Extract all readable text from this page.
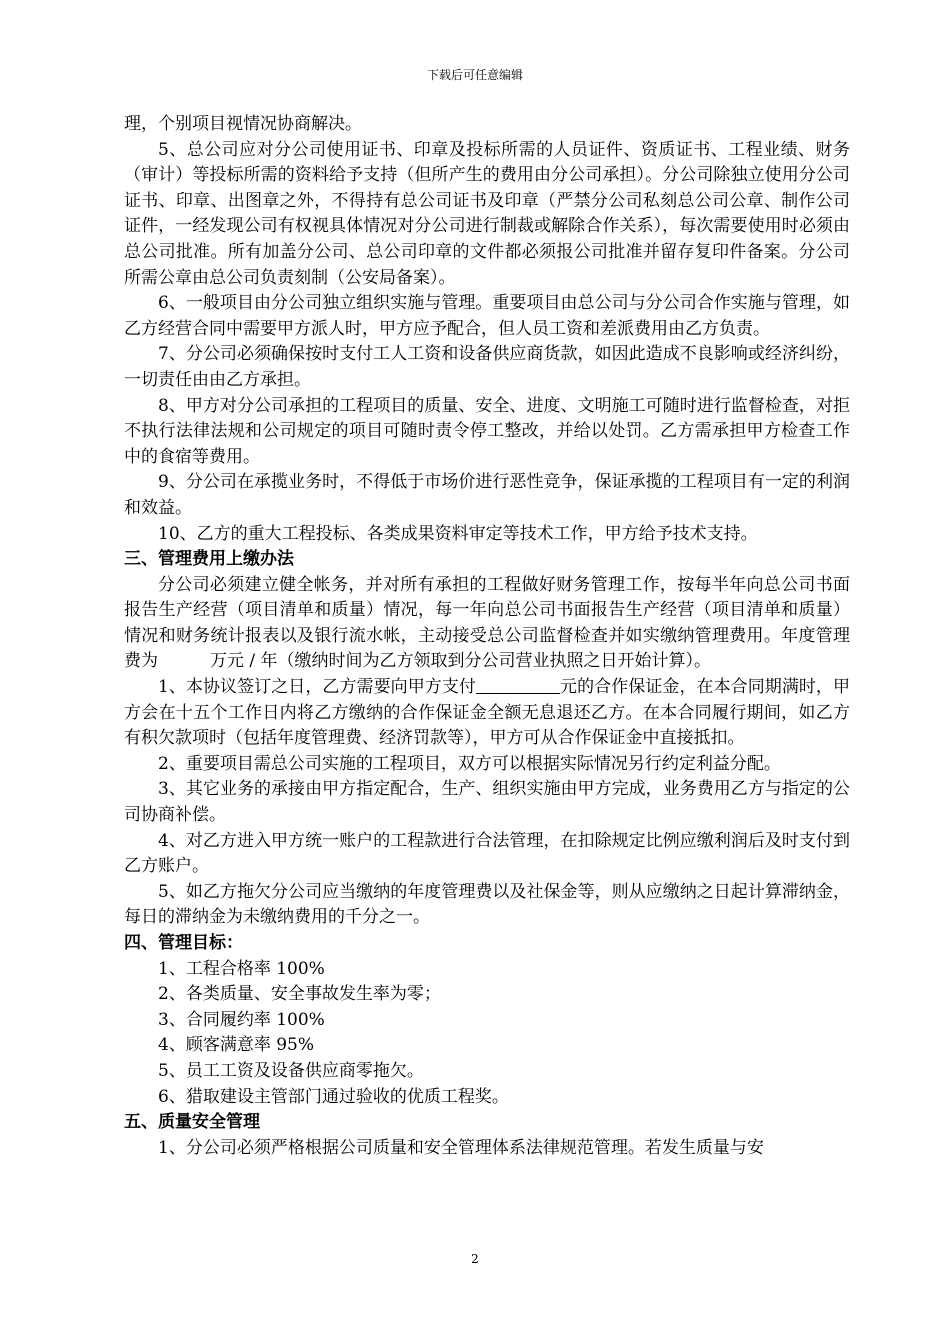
下载后可任意编辑

理，个别项目视情况协商解决。

5、总公司应对分公司使用证书、印章及投标所需的人员证件、资质证书、工程业绩、财务（审计）等投标所需的资料给予支持（但所产生的费用由分公司承担）。分公司除独立使用分公司证书、印章、出图章之外，不得持有总公司证书及印章（严禁分公司私刻总公司公章、制作公司证件，一经发现公司有权视具体情况对分公司进行制裁或解除合作关系），每次需要使用时必须由总公司批准。所有加盖分公司、总公司印章的文件都必须报公司批准并留存复印件备案。分公司所需公章由总公司负责刻制（公安局备案）。

6、一般项目由分公司独立组织实施与管理。重要项目由总公司与分公司合作实施与管理，如乙方经营合同中需要甲方派人时，甲方应予配合，但人员工资和差派费用由乙方负责。

7、分公司必须确保按时支付工人工资和设备供应商货款，如因此造成不良影响或经济纠纷，一切责任由由乙方承担。

8、甲方对分公司承担的工程项目的质量、安全、进度、文明施工可随时进行监督检查，对拒不执行法律法规和公司规定的项目可随时责令停工整改，并给以处罚。乙方需承担甲方检查工作中的食宿等费用。

9、分公司在承揽业务时，不得低于市场价进行恶性竞争，保证承揽的工程项目有一定的利润和效益。

10、乙方的重大工程投标、各类成果资料审定等技术工作，甲方给予技术支持。

三、管理费用上缴办法

分公司必须建立健全帐务，并对所有承担的工程做好财务管理工作，按每半年向总公司书面报告生产经营（项目清单和质量）情况，每一年向总公司书面报告生产经营（项目清单和质量）情况和财务统计报表以及银行流水帐，主动接受总公司监督检查并如实缴纳管理费用。年度管理费为	万元 / 年（缴纳时间为乙方领取到分公司营业执照之日开始计算）。

1、本协议签订之日，乙方需要向甲方支付	元的合作保证金，在本合同期满时，甲方会在十五个工作日内将乙方缴纳的合作保证金全额无息退还乙方。在本合同履行期间，如乙方有积欠款项时（包括年度管理费、经济罚款等），甲方可从合作保证金中直接抵扣。

2、重要项目需总公司实施的工程项目，双方可以根据实际情况另行约定利益分配。

3、其它业务的承接由甲方指定配合，生产、组织实施由甲方完成，业务费用乙方与指定的公司协商补偿。

4、对乙方进入甲方统一账户的工程款进行合法管理，在扣除规定比例应缴利润后及时支付到乙方账户。

5、如乙方拖欠分公司应当缴纳的年度管理费以及社保金等，则从应缴纳之日起计算滞纳金，每日的滞纳金为未缴纳费用的千分之一。

四、管理目标：

1、工程合格率 100%

2、各类质量、安全事故发生率为零；

3、合同履约率 100%

4、顾客满意率 95%

5、员工工资及设备供应商零拖欠。

6、猎取建设主管部门通过验收的优质工程奖。

五、质量安全管理

1、分公司必须严格根据公司质量和安全管理体系法律规范管理。若发生质量与安

2
